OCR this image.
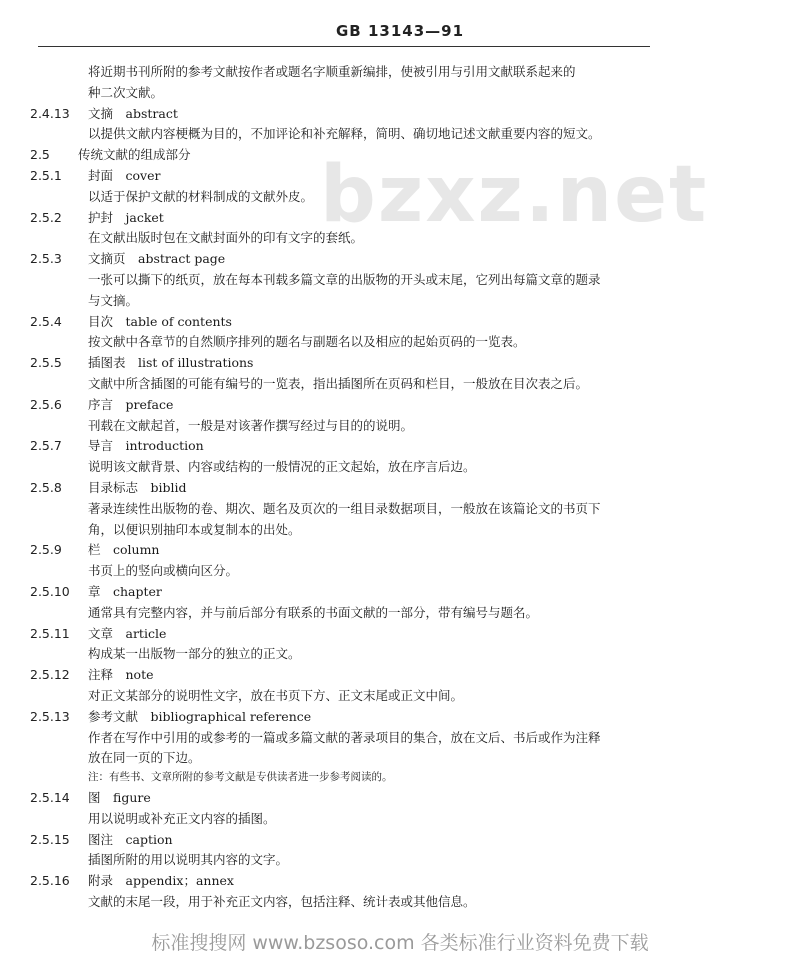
GB 13143—91
bzxz.net
将近期书刊所附的参考文献按作者或题名字顺重新编排，使被引用与引用文献联系起来的
种二次文献。
2.4.13 文摘　abstract
以提供文献内容梗概为目的，不加评论和补充解释，简明、确切地记述文献重要内容的短文。
2.5 传统文献的组成部分
2.5.1 封面　cover
以适于保护文献的材料制成的文献外皮。
2.5.2 护封　jacket
在文献出版时包在文献封面外的印有文字的套纸。
2.5.3 文摘页　abstract page
一张可以撕下的纸页，放在每本刊载多篇文章的出版物的开头或末尾，它列出每篇文章的题录
与文摘。
2.5.4 目次　table of contents
按文献中各章节的自然顺序排列的题名与副题名以及相应的起始页码的一览表。
2.5.5 插图表　list of illustrations
文献中所含插图的可能有编号的一览表，指出插图所在页码和栏目，一般放在目次表之后。
2.5.6 序言　preface
刊载在文献起首，一般是对该著作撰写经过与目的的说明。
2.5.7 导言　introduction
说明该文献背景、内容或结构的一般情况的正文起始，放在序言后边。
2.5.8 目录标志　biblid
著录连续性出版物的卷、期次、题名及页次的一组目录数据项目，一般放在该篇论文的书页下
角，以便识别抽印本或复制本的出处。
2.5.9 栏　column
书页上的竖向或横向区分。
2.5.10 章　chapter
通常具有完整内容，并与前后部分有联系的书面文献的一部分，带有编号与题名。
2.5.11 文章　article
构成某一出版物一部分的独立的正文。
2.5.12 注释　note
对正文某部分的说明性文字，放在书页下方、正文末尾或正文中间。
2.5.13 参考文献　bibliographical reference
作者在写作中引用的或参考的一篇或多篇文献的著录项目的集合，放在文后、书后或作为注释
放在同一页的下边。
注：有些书、文章所附的参考文献是专供读者进一步参考阅读的。
2.5.14 图　figure
用以说明或补充正文内容的插图。
2.5.15 图注　caption
插图所附的用以说明其内容的文字。
2.5.16 附录　appendix；annex
文献的末尾一段，用于补充正文内容，包括注释、统计表或其他信息。
标准搜搜网 www.bzsoso.com 各类标准行业资料免费下载
